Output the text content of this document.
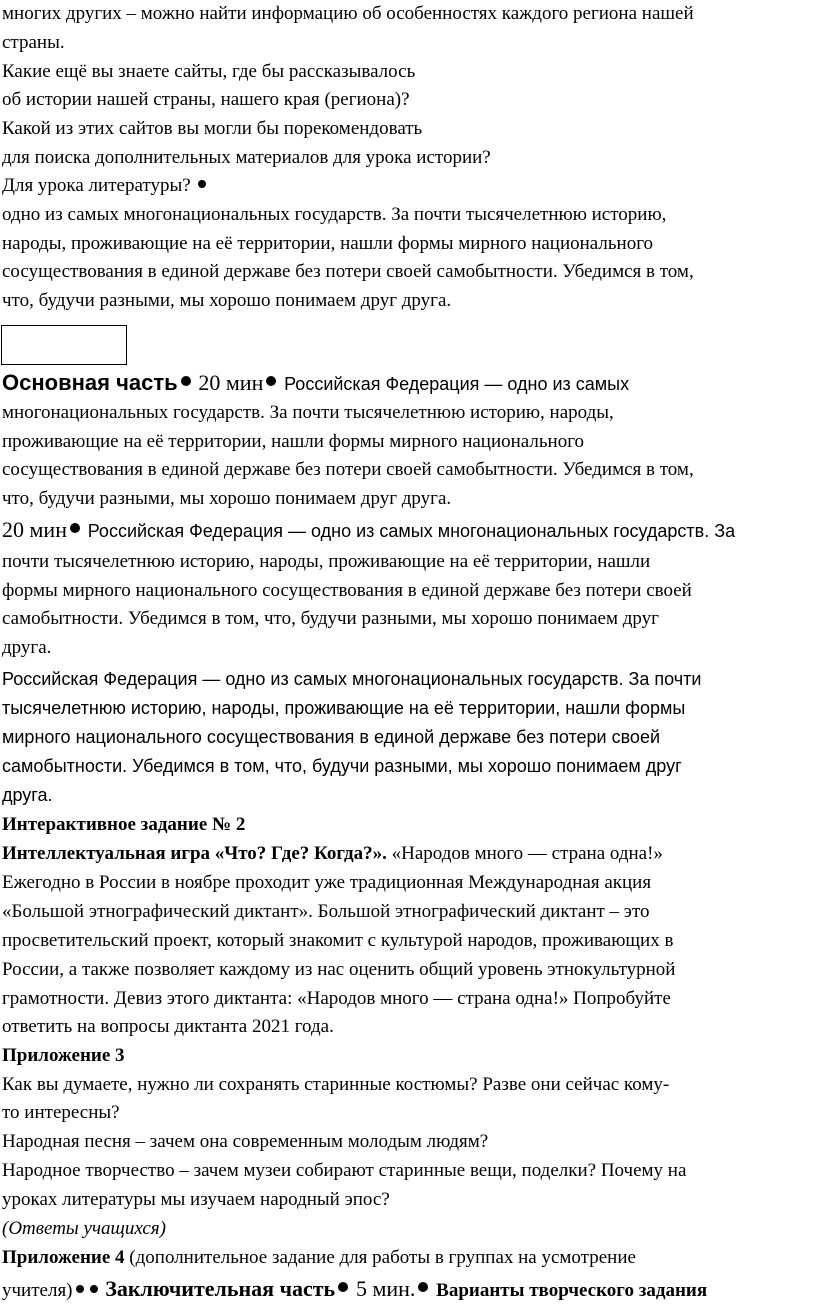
многих других – можно найти информацию об особенностях каждого региона нашей
страны.
Какие ещё вы знаете сайты, где бы рассказывалось
об истории нашей страны, нашего края (региона)?
Какой из этих сайтов вы могли бы порекомендовать
для поиска дополнительных материалов для урока истории?
Для урока литературы?
одно из самых многонациональных государств. За почти тысячелетнюю историю,
народы, проживающие на её территории, нашли формы мирного национального
сосуществования в единой державе без потери своей самобытности. Убедимся в том,
что, будучи разными, мы хорошо понимаем друг друга.
Основная часть 20 мин Российская Федерация — одно из самых
многонациональных государств. За почти тысячелетнюю историю, народы,
проживающие на её территории, нашли формы мирного национального
сосуществования в единой державе без потери своей самобытности. Убедимся в том,
что, будучи разными, мы хорошо понимаем друг друга.
20 мин Российская Федерация — одно из самых многонациональных государств. За
почти тысячелетнюю историю, народы, проживающие на её территории, нашли
формы мирного национального сосуществования в единой державе без потери своей
самобытности. Убедимся в том, что, будучи разными, мы хорошо понимаем друг
друга.
Российская Федерация — одно из самых многонациональных государств. За почти
тысячелетнюю историю, народы, проживающие на её территории, нашли формы
мирного национального сосуществования в единой державе без потери своей
самобытности. Убедимся в том, что, будучи разными, мы хорошо понимаем друг
друга.
Интерактивное задание № 2
Интеллектуальная игра «Что? Где? Когда?». «Народов много — страна одна!»
Ежегодно в России в ноябре проходит уже традиционная Международная акция
«Большой этнографический диктант». Большой этнографический диктант – это
просветительский проект, который знакомит с культурой народов, проживающих в
России, а также позволяет каждому из нас оценить общий уровень этнокультурной
грамотности. Девиз этого диктанта: «Народов много — страна одна!» Попробуйте
ответить на вопросы диктанта 2021 года.
Приложение 3
Как вы думаете, нужно ли сохранять старинные костюмы? Разве они сейчас кому-
то интересны?
Народная песня – зачем она современным молодым людям?
Народное творчество – зачем музеи собирают старинные вещи, поделки? Почему на
уроках литературы мы изучаем народный эпос?
(Ответы учащихся)
Приложение 4 (дополнительное задание для работы в группах на усмотрение
учителя) Заключительная часть 5 мин. Варианты творческого задания
